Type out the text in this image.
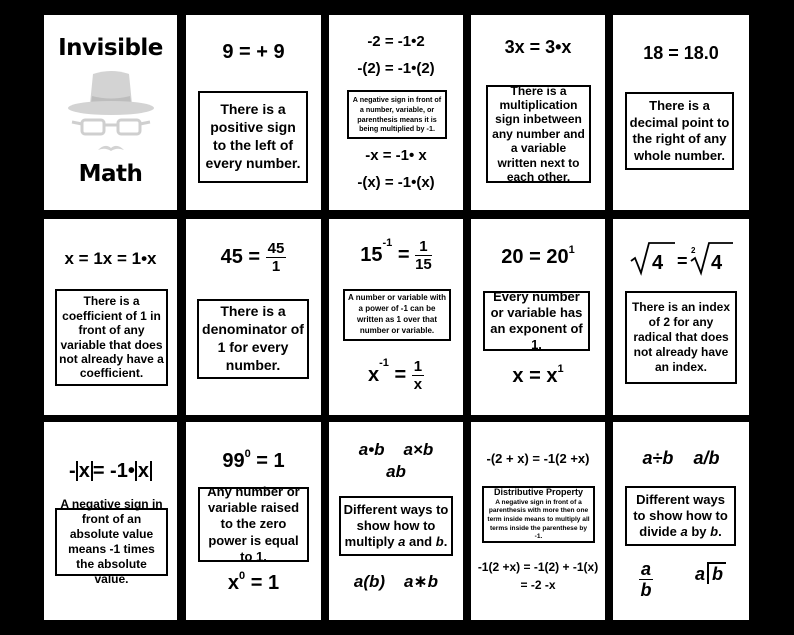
Invisible
Math
9 = + 9
There is a positive sign to the left of every number.
-2 = -1•2
-(2) = -1•(2)
A negative sign in front of a number, variable, or parenthesis means it is being multiplied by -1.
-x = -1• x
-(x) = -1•(x)
3x = 3•x
There is a multiplication sign inbetween any number and a variable written next to each other.
18 = 18.0
There is a decimal point to the right of any whole number.
x = 1x = 1•x
There is a coefficient of 1 in front of any variable that does not already have a coefficient.
$45 = \frac{45}{1}$
There is a denominator of 1 for every number.
$15^{-1} = \frac{1}{15}$
A number or variable with a power of -1 can be written as 1 over that number or variable.
$x^{-1} = \frac{1}{x}$
$20 = 20^1$
Every number or variable has an exponent of 1.
$x = x^1$
4 =
2
4
There is an index of 2 for any radical that does not already have an index.
- x = -1• x
A negative sign in front of an absolute value means -1 times the absolute value.
$99^0 = 1$
Any number or variable raised to the zero power is equal to 1.
$x^0 = 1$
a•b a×b
ab
Different ways to show how to multiply a and b.
a(b) a∗b
-(2 + x) = -1(2 +x)
Distributive Property
A negative sign in front of a parenthesis with more then one term inside means to multiply all terms inside the parenthese by -1.
-1(2 +x) = -1(2) + -1(x)
= -2 -x
a÷b a/b
Different ways to show how to divide a by b.
$\frac{a}{b}$ a b
